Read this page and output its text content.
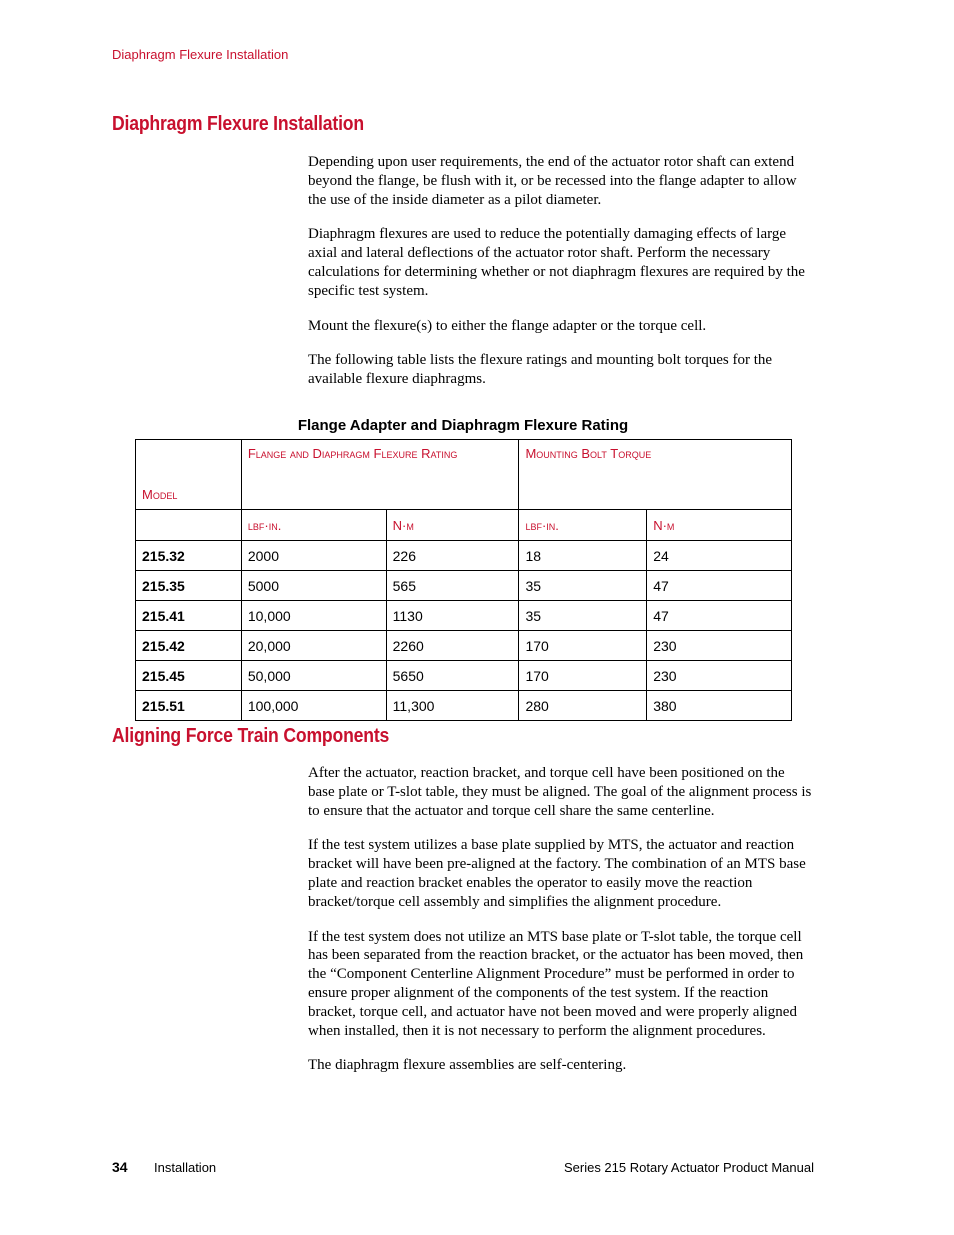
Diaphragm Flexure Installation
Diaphragm Flexure Installation

Depending upon user requirements, the end of the actuator rotor shaft can extend beyond the flange, be flush with it, or be recessed into the flange adapter to allow the use of the inside diameter as a pilot diameter.

Diaphragm flexures are used to reduce the potentially damaging effects of large axial and lateral deflections of the actuator rotor shaft. Perform the necessary calculations for determining whether or not diaphragm flexures are required by the specific test system.

Mount the flexure(s) to either the flange adapter or the torque cell.

The following table lists the flexure ratings and mounting bolt torques for the available flexure diaphragms.

Flange Adapter and Diaphragm Flexure Rating
Model	Flange and Diaphragm Flexure Rating		Mounting Bolt Torque	
	lbf·in.	N·m	lbf·in.	N·m
215.32	2000	226	18	24
215.35	5000	565	35	47
215.41	10,000	1130	35	47
215.42	20,000	2260	170	230
215.45	50,000	5650	170	230
215.51	100,000	11,300	280	380
Aligning Force Train Components

After the actuator, reaction bracket, and torque cell have been positioned on the base plate or T-slot table, they must be aligned. The goal of the alignment process is to ensure that the actuator and torque cell share the same centerline.

If the test system utilizes a base plate supplied by MTS, the actuator and reaction bracket will have been pre-aligned at the factory. The combination of an MTS base plate and reaction bracket enables the operator to easily move the reaction bracket/torque cell assembly and simplifies the alignment procedure.

If the test system does not utilize an MTS base plate or T-slot table, the torque cell has been separated from the reaction bracket, or the actuator has been moved, then the “Component Centerline Alignment Procedure” must be performed in order to ensure proper alignment of the components of the test system. If the reaction bracket, torque cell, and actuator have not been moved and were properly aligned when installed, then it is not necessary to perform the alignment procedures.

The diaphragm flexure assemblies are self-centering.

34 Installation	Series 215 Rotary Actuator Product Manual
